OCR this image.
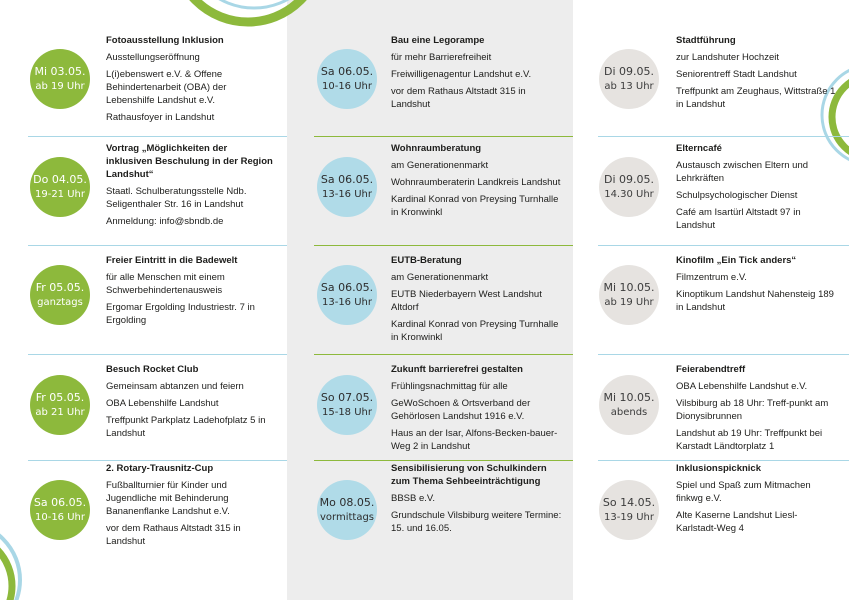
Mi 03.05.
ab 19 Uhr
Fotoausstellung Inklusion

Ausstellungseröffnung

L(i)ebenswert e.V. & Offene Behindertenarbeit (OBA) der Lebenshilfe Landshut e.V.

Rathausfoyer in Landshut

Do 04.05.
19-21 Uhr
Vortrag „Möglichkeiten der inklusiven Beschulung in der Region Landshut“

Staatl. Schulberatungsstelle Ndb. Seligenthaler Str. 16 in Landshut

Anmeldung: info@sbndb.de

Fr 05.05.
ganztags
Freier Eintritt in die Badewelt

für alle Menschen mit einem Schwerbehindertenausweis

Ergomar Ergolding Industriestr. 7 in Ergolding

Fr 05.05.
ab 21 Uhr
Besuch Rocket Club

Gemeinsam abtanzen und feiern

OBA Lebenshilfe Landshut

Treffpunkt Parkplatz Ladehofplatz 5 in Landshut

Sa 06.05.
10-16 Uhr
2. Rotary-Trausnitz-Cup

Fußballturnier für Kinder und Jugendliche mit Behinderung Bananenflanke Landshut e.V.

vor dem Rathaus Altstadt 315 in Landshut

Sa 06.05.
10-16 Uhr
Bau eine Legorampe

für mehr Barrierefreiheit

Freiwilligenagentur Landshut e.V.

vor dem Rathaus Altstadt 315 in Landshut

Sa 06.05.
13-16 Uhr
Wohnraumberatung

am Generationenmarkt

Wohnraumberaterin Landkreis Landshut

Kardinal Konrad von Preysing Turnhalle in Kronwinkl

Sa 06.05.
13-16 Uhr
EUTB-Beratung

am Generationenmarkt

EUTB Niederbayern West Landshut Altdorf

Kardinal Konrad von Preysing Turnhalle in Kronwinkl

So 07.05.
15-18 Uhr
Zukunft barrierefrei gestalten

Frühlingsnachmittag für alle

GeWoSchoen & Ortsverband der Gehörlosen Landshut 1916 e.V.

Haus an der Isar, Alfons-Becken-bauer-Weg 2 in Landshut

Mo 08.05.
vormittags
Sensibilisierung von Schulkindern zum Thema Sehbeeinträchtigung

BBSB e.V.

Grundschule Vilsbiburg weitere Termine: 15. und 16.05.

Di 09.05.
ab 13 Uhr
Stadtführung

zur Landshuter Hochzeit

Seniorentreff Stadt Landshut

Treffpunkt am Zeughaus, Wittstraße 1 in Landshut

Di 09.05.
14.30 Uhr
Elterncafé

Austausch zwischen Eltern und Lehrkräften

Schulpsychologischer Dienst

Café am Isartürl Altstadt 97 in Landshut

Mi 10.05.
ab 19 Uhr
Kinofilm „Ein Tick anders“

Filmzentrum e.V.

Kinoptikum Landshut Nahensteig 189 in Landshut

Mi 10.05.
abends
Feierabendtreff

OBA Lebenshilfe Landshut e.V.

Vilsbiburg ab 18 Uhr: Treff-punkt am Dionysibrunnen

Landshut ab 19 Uhr: Treffpunkt bei Karstadt Ländtorplatz 1

So 14.05.
13-19 Uhr
Inklusionspicknick

Spiel und Spaß zum Mitmachen finkwg e.V.

Alte Kaserne Landshut Liesl-Karlstadt-Weg 4
